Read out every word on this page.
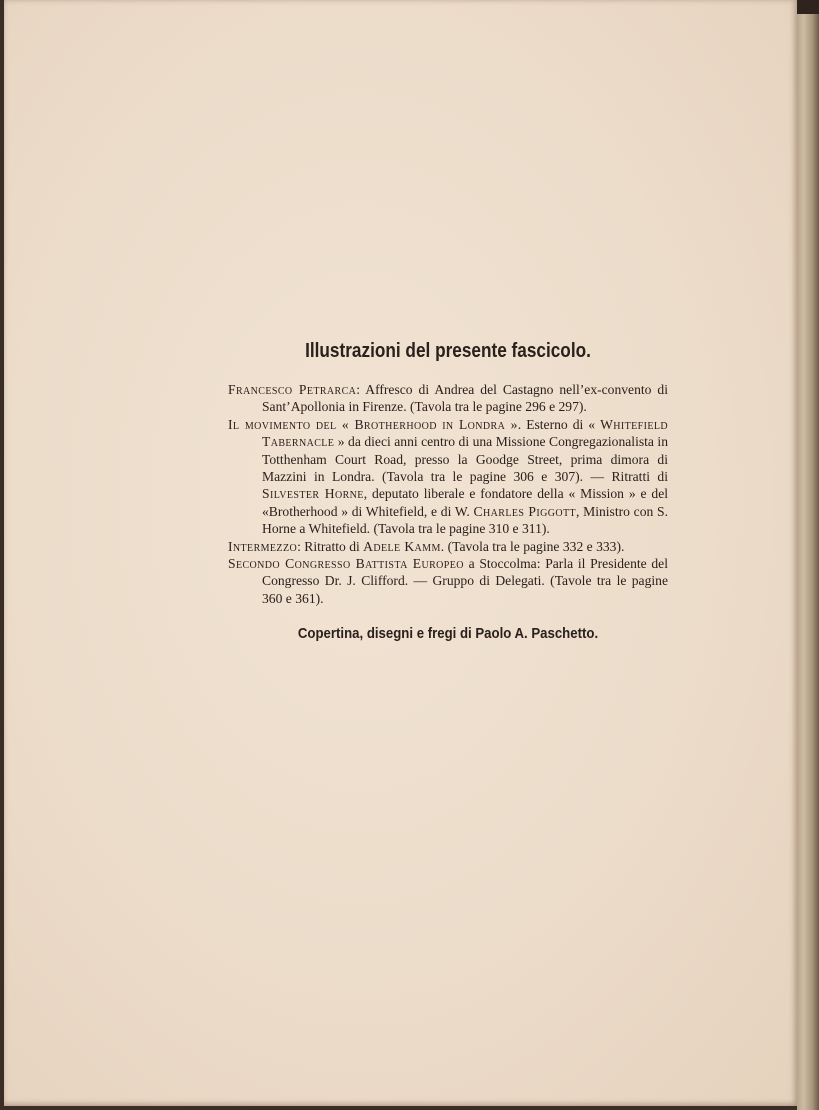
Illustrazioni del presente fascicolo.

Francesco Petrarca: Affresco di Andrea del Castagno nell’ex-convento di Sant’Apollonia in Firenze. (Tavola tra le pagine 296 e 297).

Il movimento del « Brotherhood in Londra ». Esterno di « Whitefield Tabernacle » da dieci anni centro di una Missione Congregazionalista in Totthenham Court Road, presso la Goodge Street, prima dimora di Mazzini in Londra. (Tavola tra le pagine 306 e 307). — Ritratti di Silvester Horne, deputato liberale e fondatore della « Mission » e del «Brotherhood » di Whitefield, e di W. Charles Piggott, Ministro con S. Horne a Whitefield. (Tavola tra le pagine 310 e 311).

Intermezzo: Ritratto di Adele Kamm. (Tavola tra le pagine 332 e 333).

Secondo Congresso Battista Europeo a Stoccolma: Parla il Presidente del Congresso Dr. J. Clifford. — Gruppo di Delegati. (Tavole tra le pagine 360 e 361).

Copertina, disegni e fregi di Paolo A. Paschetto.
